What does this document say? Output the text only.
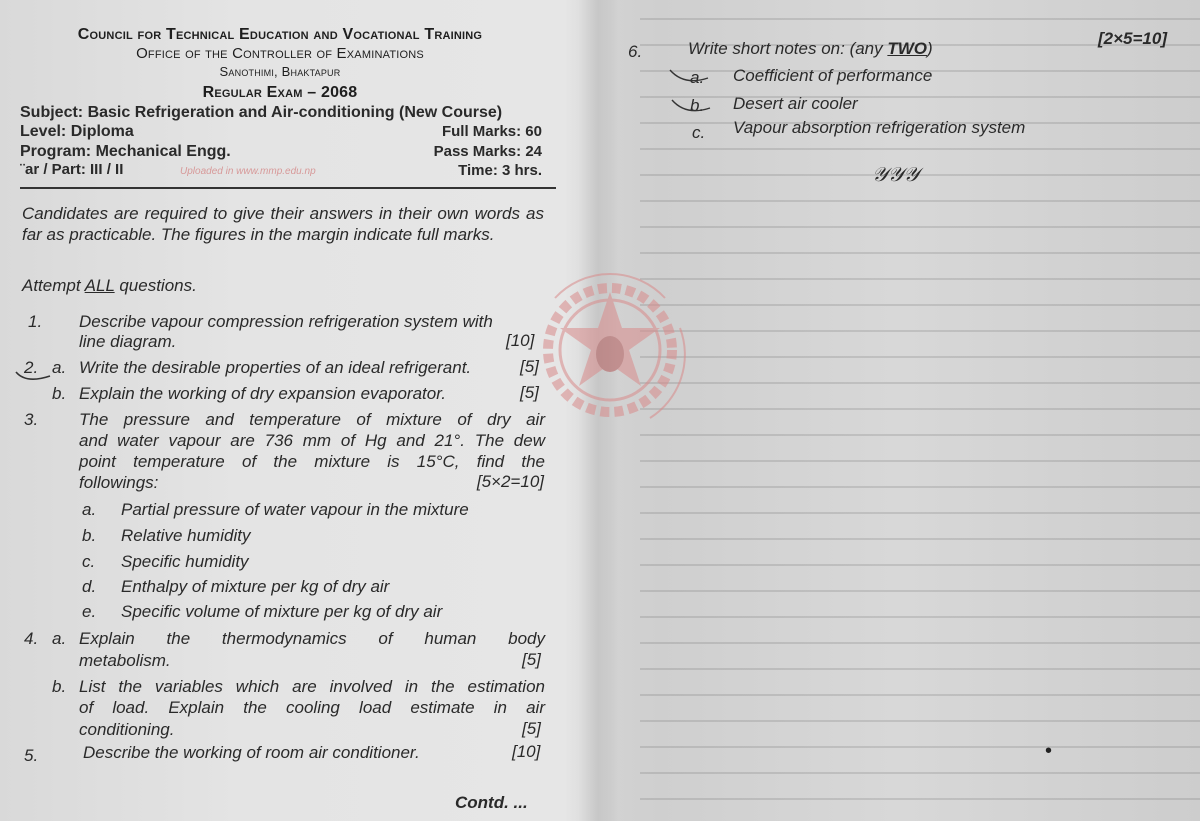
Council for Technical Education and Vocational Training
Office of the Controller of Examinations
Sanothimi, Bhaktapur
Regular Exam – 2068
Subject: Basic Refrigeration and Air-conditioning (New Course)
Level: Diploma
Program: Mechanical Engg.
¨ar / Part: III / II
Full Marks: 60
Pass Marks: 24
Time: 3 hrs.
Uploaded in www.mmp.edu.np
Candidates are required to give their answers in their own words as far as practicable. The figures in the margin indicate full marks.
Attempt ALL questions.
1. Describe vapour compression refrigeration system with
line diagram.	[10]
2. a. Write the desirable properties of an ideal refrigerant.	[5]
b. Explain the working of dry expansion evaporator.	[5]
3. The pressure and temperature of mixture of dry air
and water vapour are 736 mm of Hg and 21°. The dew
point temperature of the mixture is 15°C, find the
followings:	[5×2=10]
a. Partial pressure of water vapour in the mixture
b. Relative humidity
c. Specific humidity
d. Enthalpy of mixture per kg of dry air
e. Specific volume of mixture per kg of dry air
4. a. Explain the thermodynamics of human body
metabolism.	[5]
b. List the variables which are involved in the estimation
of load. Explain the cooling load estimate in air
conditioning.	[5]
5.	Describe the working of room air conditioner.	[10]
Contd. ...
6.	Write short notes on: (any TWO)
[2×5=10]
a. Coefficient of performance
b. Desert air cooler
c. Vapour absorption refrigeration system
𝒴𝒴𝒴
•
